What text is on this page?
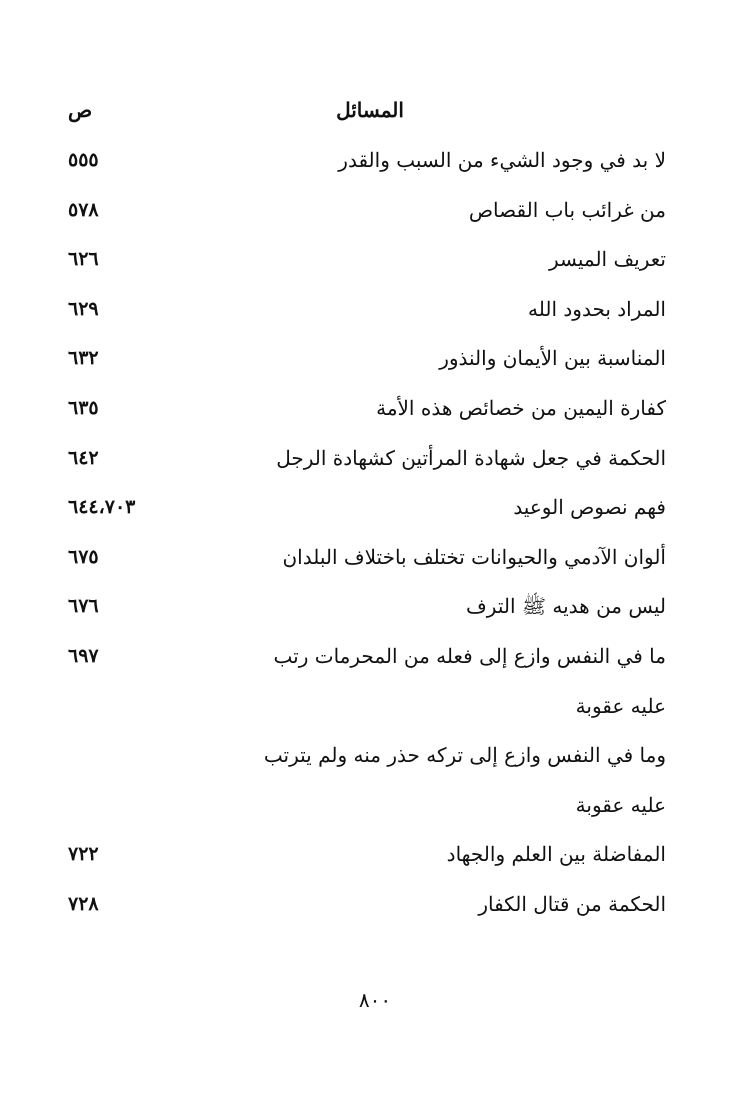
المسائل
ص
لا بد في وجود الشيء من السبب والقدر
٥٥٥
من غرائب باب القصاص
٥٧٨
تعريف الميسر
٦٢٦
المراد بحدود الله
٦٢٩
المناسبة بين الأيمان والنذور
٦٣٢
كفارة اليمين من خصائص هذه الأمة
٦٣٥
الحكمة في جعل شهادة المرأتين كشهادة الرجل
٦٤٢
فهم نصوص الوعيد
٦٤٤،٧٠٣
ألوان الآدمي والحيوانات تختلف باختلاف البلدان
٦٧٥
ليس من هديه ﷺ الترف
٦٧٦
ما في النفس وازع إلى فعله من المحرمات رتب
٦٩٧
عليه عقوبة
وما في النفس وازع إلى تركه حذر منه ولم يترتب
عليه عقوبة
المفاضلة بين العلم والجهاد
٧٢٢
الحكمة من قتال الكفار
٧٢٨
٨٠٠
